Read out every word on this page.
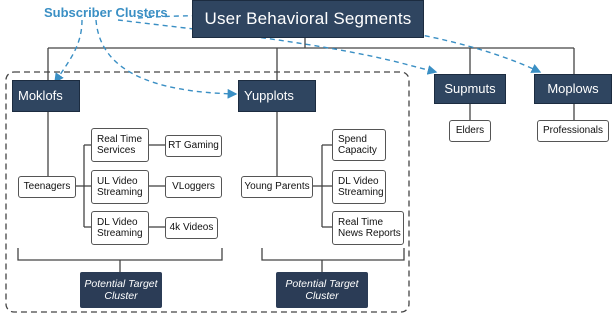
Subscriber Clusters	User Behavioral Segments
Moklofs
Teenagers
Real Time Services
UL Video Streaming
DL Video Streaming
RT Gaming
VLoggers
4k Videos
Yupplots
Young Parents
Spend Capacity
DL Video Streaming
Real Time News Reports
Supmuts
Elders
Moplows
Professionals
Potential Target Cluster
Potential Target Cluster
